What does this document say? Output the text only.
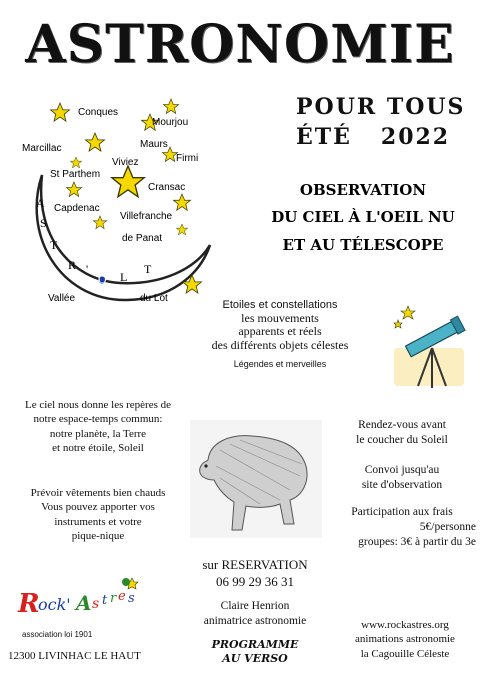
ASTRONOMIE
POUR TOUS
ÉTÉ   2022
OBSERVATION
DU CIEL À L'OEIL NU
ET AU TÉLESCOPE
Conques
Mourjou
Maurs
Marcillac
Firmi
Viviez
St Parthem
Cransac
Capdenac
Villefranche
de Panat
Vallée	du Lot
A
S
T
R '
O L
T
Etoiles et constellations
les mouvements
apparents et réels
des différents objets célestes
Légendes et merveilles
Le ciel nous donne les repères de
notre espace-temps commun:
notre planète, la Terre
et notre étoile, Soleil
Prévoir vêtements bien chauds
Vous pouvez apporter vos
instruments et votre
pique-nique
Rendez-vous avant
le coucher du Soleil
Convoi jusqu'au
site d'observation
Participation aux frais
5€/personne
groupes: 3€ à partir du 3e
sur RESERVATION
06 99 29 36 31
Claire Henrion
animatrice astronomie
PROGRAMME
AU VERSO
www.rockastres.org
animations astronomie
la Cagouille Céleste
R
ock' A s t r e s
association loi 1901
12300 LIVINHAC LE HAUT
